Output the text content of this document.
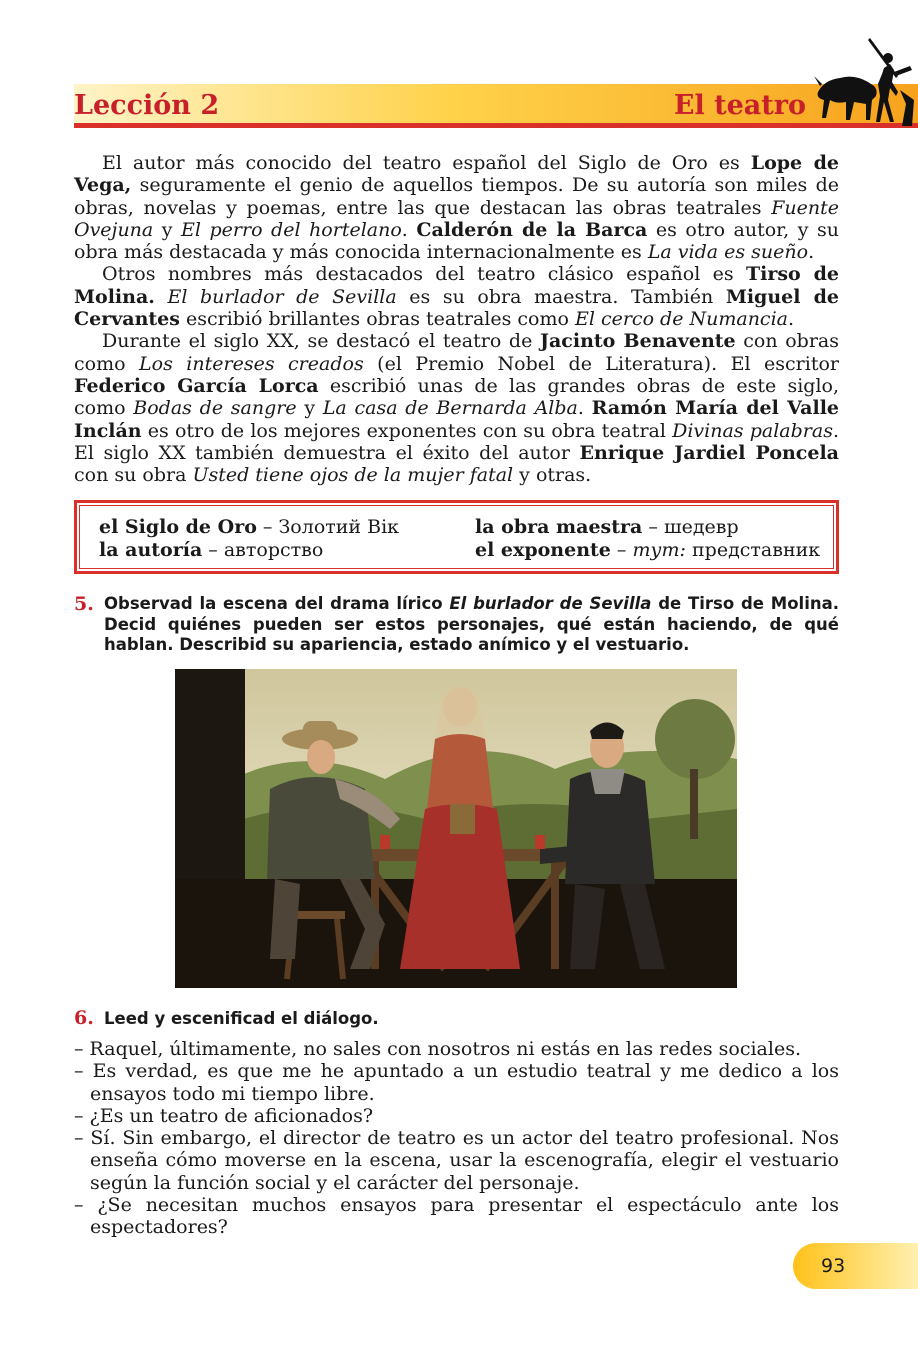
Lección 2	El teatro

El autor más conocido del teatro español del Siglo de Oro es Lope de Vega, seguramente el genio de aquellos tiempos. De su autoría son miles de obras, novelas y poemas, entre las que destacan las obras teatrales Fuente Ovejuna y El perro del hortelano. Calderón de la Barca es otro autor, y su obra más destacada y más conocida internacionalmente es La vida es sueño.

Otros nombres más destacados del teatro clásico español es Tirso de Molina. El burlador de Sevilla es su obra maestra. También Miguel de Cervantes escribió brillantes obras teatrales como El cerco de Numancia.

Durante el siglo XX, se destacó el teatro de Jacinto Benavente con obras como Los intereses creados (el Premio Nobel de Literatura). El escritor Federico García Lorca escribió unas de las grandes obras de este siglo, como Bodas de sangre y La casa de Bernarda Alba. Ramón María del Valle Inclán es otro de los mejores exponentes con su obra teatral Divinas palabras. El siglo XX también demuestra el éxito del autor Enrique Jardiel Poncela con su obra Usted tiene ojos de la mujer fatal y otras.

el Siglo de Oro – Золотий Вік
la autoría – авторство
la obra maestra – шедевр
el exponente – тут: представник
5. Observad la escena del drama lírico El burlador de Sevilla de Tirso de Molina. Decid quiénes pueden ser estos personajes, qué están haciendo, de qué hablan. Describid su apariencia, estado anímico y el vestuario.
6. Leed y escenificad el diálogo.
– Raquel, últimamente, no sales con nosotros ni estás en las redes sociales.
– Es verdad, es que me he apuntado a un estudio teatral y me dedico a los ensayos todo mi tiempo libre.
– ¿Es un teatro de aficionados?
– Sí. Sin embargo, el director de teatro es un actor del teatro profesional. Nos enseña cómo moverse en la escena, usar la escenografía, elegir el vestuario según la función social y el carácter del personaje.
– ¿Se necesitan muchos ensayos para presentar el espectáculo ante los espectadores?
93
